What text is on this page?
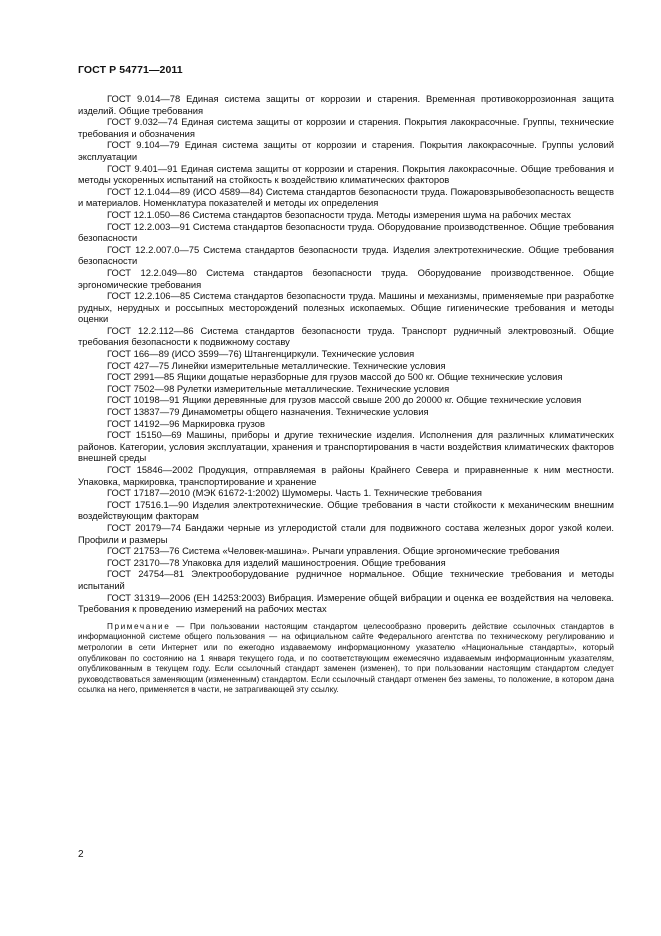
ГОСТ Р 54771—2011

ГОСТ 9.014—78 Единая система защиты от коррозии и старения. Временная противокоррозионная защита изделий. Общие требования

ГОСТ 9.032—74 Единая система защиты от коррозии и старения. Покрытия лакокрасочные. Группы, технические требования и обозначения

ГОСТ 9.104—79 Единая система защиты от коррозии и старения. Покрытия лакокрасочные. Группы условий эксплуатации

ГОСТ 9.401—91 Единая система защиты от коррозии и старения. Покрытия лакокрасочные. Общие требования и методы ускоренных испытаний на стойкость к воздействию климатических факторов

ГОСТ 12.1.044—89 (ИСО 4589—84) Система стандартов безопасности труда. Пожаровзрывобезопасность веществ и материалов. Номенклатура показателей и методы их определения

ГОСТ 12.1.050—86 Система стандартов безопасности труда. Методы измерения шума на рабочих местах

ГОСТ 12.2.003—91 Система стандартов безопасности труда. Оборудование производственное. Общие требования безопасности

ГОСТ 12.2.007.0—75 Система стандартов безопасности труда. Изделия электротехнические. Общие требования безопасности

ГОСТ 12.2.049—80 Система стандартов безопасности труда. Оборудование производственное. Общие эргономические требования

ГОСТ 12.2.106—85 Система стандартов безопасности труда. Машины и механизмы, применяемые при разработке рудных, нерудных и россыпных месторождений полезных ископаемых. Общие гигиенические требования и методы оценки

ГОСТ 12.2.112—86 Система стандартов безопасности труда. Транспорт рудничный электровозный. Общие требования безопасности к подвижному составу

ГОСТ 166—89 (ИСО 3599—76) Штангенциркули. Технические условия

ГОСТ 427—75 Линейки измерительные металлические. Технические условия

ГОСТ 2991—85 Ящики дощатые неразборные для грузов массой до 500 кг. Общие технические условия

ГОСТ 7502—98 Рулетки измерительные металлические. Технические условия

ГОСТ 10198—91 Ящики деревянные для грузов массой свыше 200 до 20000 кг. Общие технические условия

ГОСТ 13837—79 Динамометры общего назначения. Технические условия

ГОСТ 14192—96 Маркировка грузов

ГОСТ 15150—69 Машины, приборы и другие технические изделия. Исполнения для различных климатических районов. Категории, условия эксплуатации, хранения и транспортирования в части воздействия климатических факторов внешней среды

ГОСТ 15846—2002 Продукция, отправляемая в районы Крайнего Севера и приравненные к ним местности. Упаковка, маркировка, транспортирование и хранение

ГОСТ 17187—2010 (МЭК 61672-1:2002) Шумомеры. Часть 1. Технические требования

ГОСТ 17516.1—90 Изделия электротехнические. Общие требования в части стойкости к механическим внешним воздействующим факторам

ГОСТ 20179—74 Бандажи черные из углеродистой стали для подвижного состава железных дорог узкой колеи. Профили и размеры

ГОСТ 21753—76 Система «Человек-машина». Рычаги управления. Общие эргономические требования

ГОСТ 23170—78 Упаковка для изделий машиностроения. Общие требования

ГОСТ 24754—81 Электрооборудование рудничное нормальное. Общие технические требования и методы испытаний

ГОСТ 31319—2006 (ЕН 14253:2003) Вибрация. Измерение общей вибрации и оценка ее воздействия на человека. Требования к проведению измерений на рабочих местах

Примечание — При пользовании настоящим стандартом целесообразно проверить действие ссылочных стандартов в информационной системе общего пользования — на официальном сайте Федерального агентства по техническому регулированию и метрологии в сети Интернет или по ежегодно издаваемому информационному указателю «Национальные стандарты», который опубликован по состоянию на 1 января текущего года, и по соответствующим ежемесячно издаваемым информационным указателям, опубликованным в текущем году. Если ссылочный стандарт заменен (изменен), то при пользовании настоящим стандартом следует руководствоваться заменяющим (измененным) стандартом. Если ссылочный стандарт отменен без замены, то положение, в котором дана ссылка на него, применяется в части, не затрагивающей эту ссылку.

2
